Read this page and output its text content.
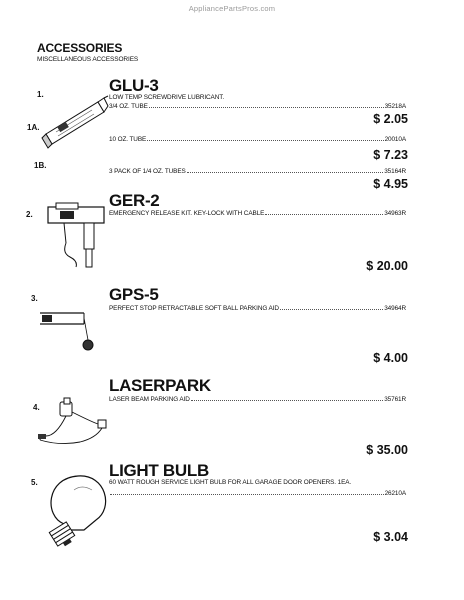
AppliancePartsPros.com
ACCESSORIES
MISCELLANEOUS ACCESSORIES
1.
1A.
1B.
GLU-3
LOW TEMP SCREWDRIVE LUBRICANT.
3/4 OZ. TUBE	35218A
$ 2.05
10 OZ. TUBE	20010A
$ 7.23
3 PACK OF 1/4 OZ. TUBES	35164R
$ 4.95
2.
GER-2
EMERGENCY RELEASE KIT. KEY-LOCK WITH CABLE	34963R
$ 20.00
3.	GPS-5
PERFECT STOP RETRACTABLE SOFT BALL PARKING AID	34964R
$ 4.00
4.
LASERPARK
LASER BEAM PARKING AID	35761R
$ 35.00
5.
LIGHT BULB
60 WATT ROUGH SERVICE LIGHT BULB FOR ALL GARAGE DOOR OPENERS. 1EA.
26210A
$ 3.04
